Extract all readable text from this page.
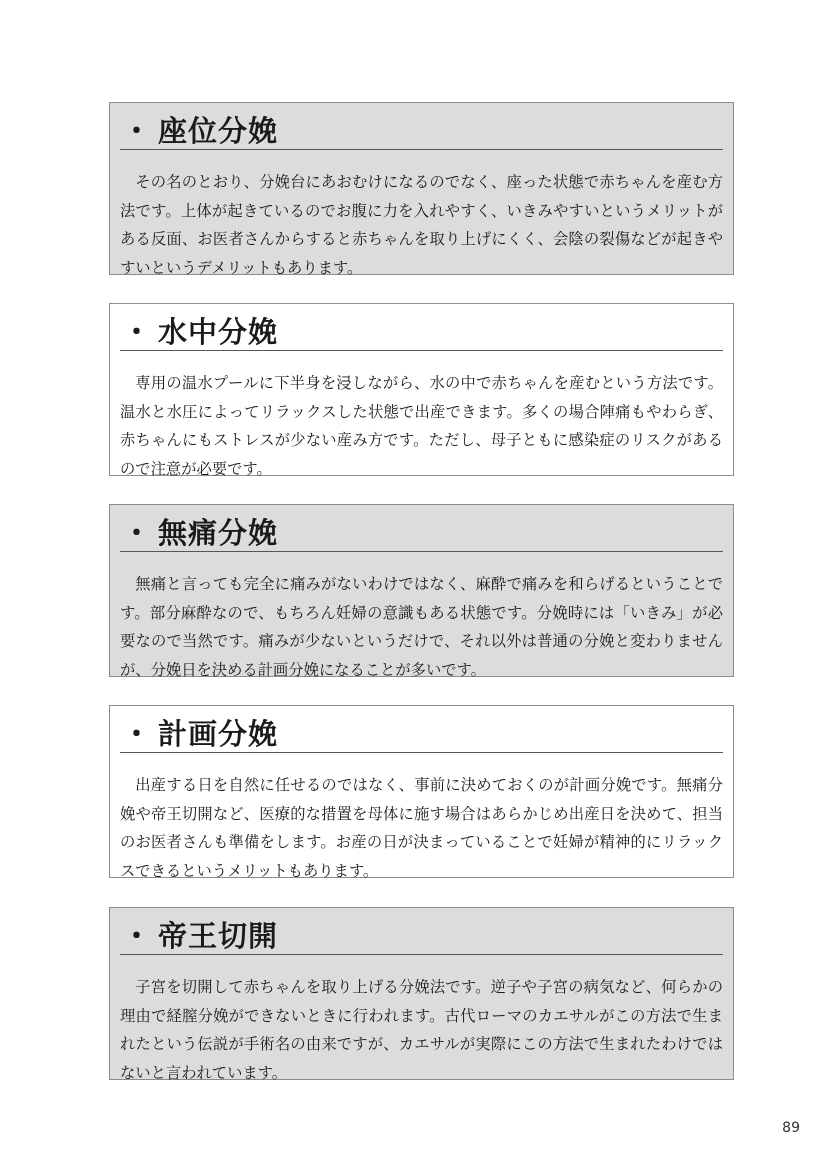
・ 座位分娩
その名のとおり、分娩台にあおむけになるのでなく、座った状態で赤ちゃんを産む方法です。上体が起きているのでお腹に力を入れやすく、いきみやすいというメリットがある反面、お医者さんからすると赤ちゃんを取り上げにくく、会陰の裂傷などが起きやすいというデメリットもあります。
・ 水中分娩
専用の温水プールに下半身を浸しながら、水の中で赤ちゃんを産むという方法です。温水と水圧によってリラックスした状態で出産できます。多くの場合陣痛もやわらぎ、赤ちゃんにもストレスが少ない産み方です。ただし、母子ともに感染症のリスクがあるので注意が必要です。
・ 無痛分娩
無痛と言っても完全に痛みがないわけではなく、麻酔で痛みを和らげるということです。部分麻酔なので、もちろん妊婦の意識もある状態です。分娩時には「いきみ」が必要なので当然です。痛みが少ないというだけで、それ以外は普通の分娩と変わりませんが、分娩日を決める計画分娩になることが多いです。
・ 計画分娩
出産する日を自然に任せるのではなく、事前に決めておくのが計画分娩です。無痛分娩や帝王切開など、医療的な措置を母体に施す場合はあらかじめ出産日を決めて、担当のお医者さんも準備をします。お産の日が決まっていることで妊婦が精神的にリラックスできるというメリットもあります。
・ 帝王切開
子宮を切開して赤ちゃんを取り上げる分娩法です。逆子や子宮の病気など、何らかの理由で経膣分娩ができないときに行われます。古代ローマのカエサルがこの方法で生まれたという伝説が手術名の由来ですが、カエサルが実際にこの方法で生まれたわけではないと言われています。
89
